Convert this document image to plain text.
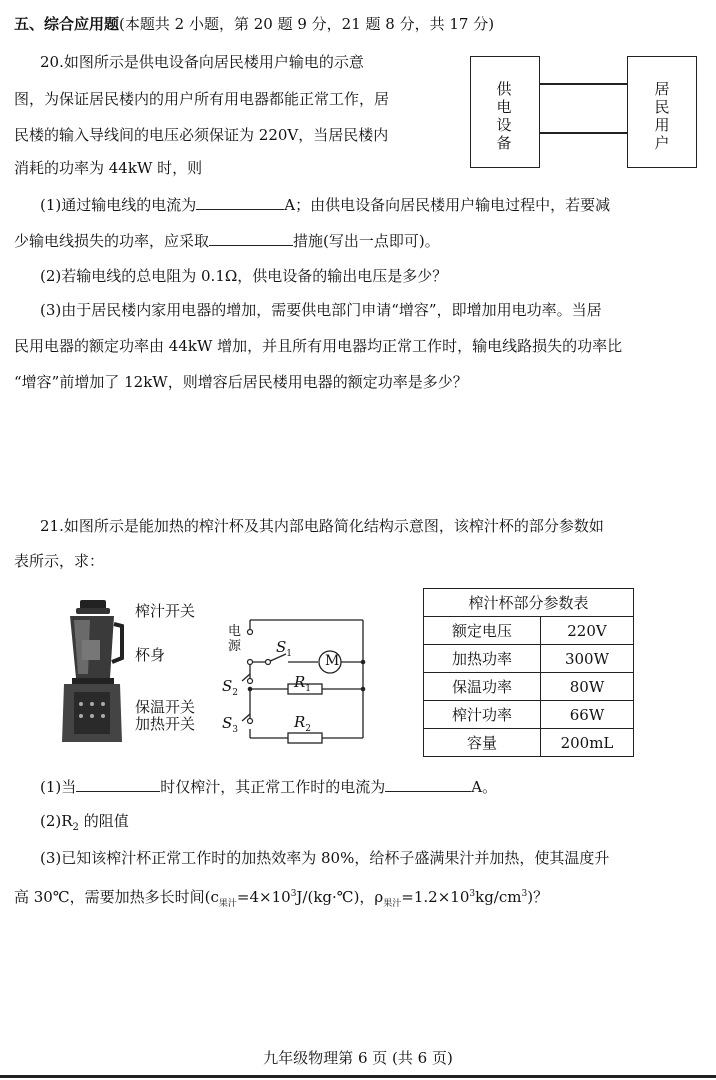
五、综合应用题(本题共 2 小题，第 20 题 9 分，21 题 8 分，共 17 分)
20.如图所示是供电设备向居民楼用户输电的示意
图，为保证居民楼内的用户所有用电器都能正常工作，居
民楼的输入导线间的电压必须保证为 220V，当居民楼内
消耗的功率为 44kW 时，则
供电设备
居民用户
(1)通过输电线的电流为	A；由供电设备向居民楼用户输电过程中，若要减
少输电线损失的功率，应采取	措施(写出一点即可)。
(2)若输电线的总电阻为 0.1Ω，供电设备的输出电压是多少？
(3)由于居民楼内家用电器的增加，需要供电部门申请“增容”，即增加用电功率。当居
民用电器的额定功率由 44kW 增加，并且所有用电器均正常工作时，输电线路损失的功率比
“增容”前增加了 12kW，则增容后居民楼用电器的额定功率是多少？
21.如图所示是能加热的榨汁杯及其内部电路简化结构示意图，该榨汁杯的部分参数如
表所示，求：
榨汁开关
杯身
保温开关
加热开关
电源 $S_1$ M
$S_2$
$R_1$
$S_3$	$R_2$
榨汁杯部分参数表	
额定电压	220V
加热功率	300W
保温功率	80W
榨汁功率	66W
容量	200mL
(1)当	时仅榨汁，其正常工作时的电流为	A。
$(2)R_2$ 的阻值
(3)已知该榨汁杯正常工作时的加热效率为 80%，给杯子盛满果汁并加热，使其温度升
高 30℃，需要加热多长时间($c_{果汁}=4\times 10^3J/(kg\cdot℃)$，$\rho_{果汁}=1.2\times 10^3kg/cm^3$)？
九年级物理第 6 页 (共 6 页)
